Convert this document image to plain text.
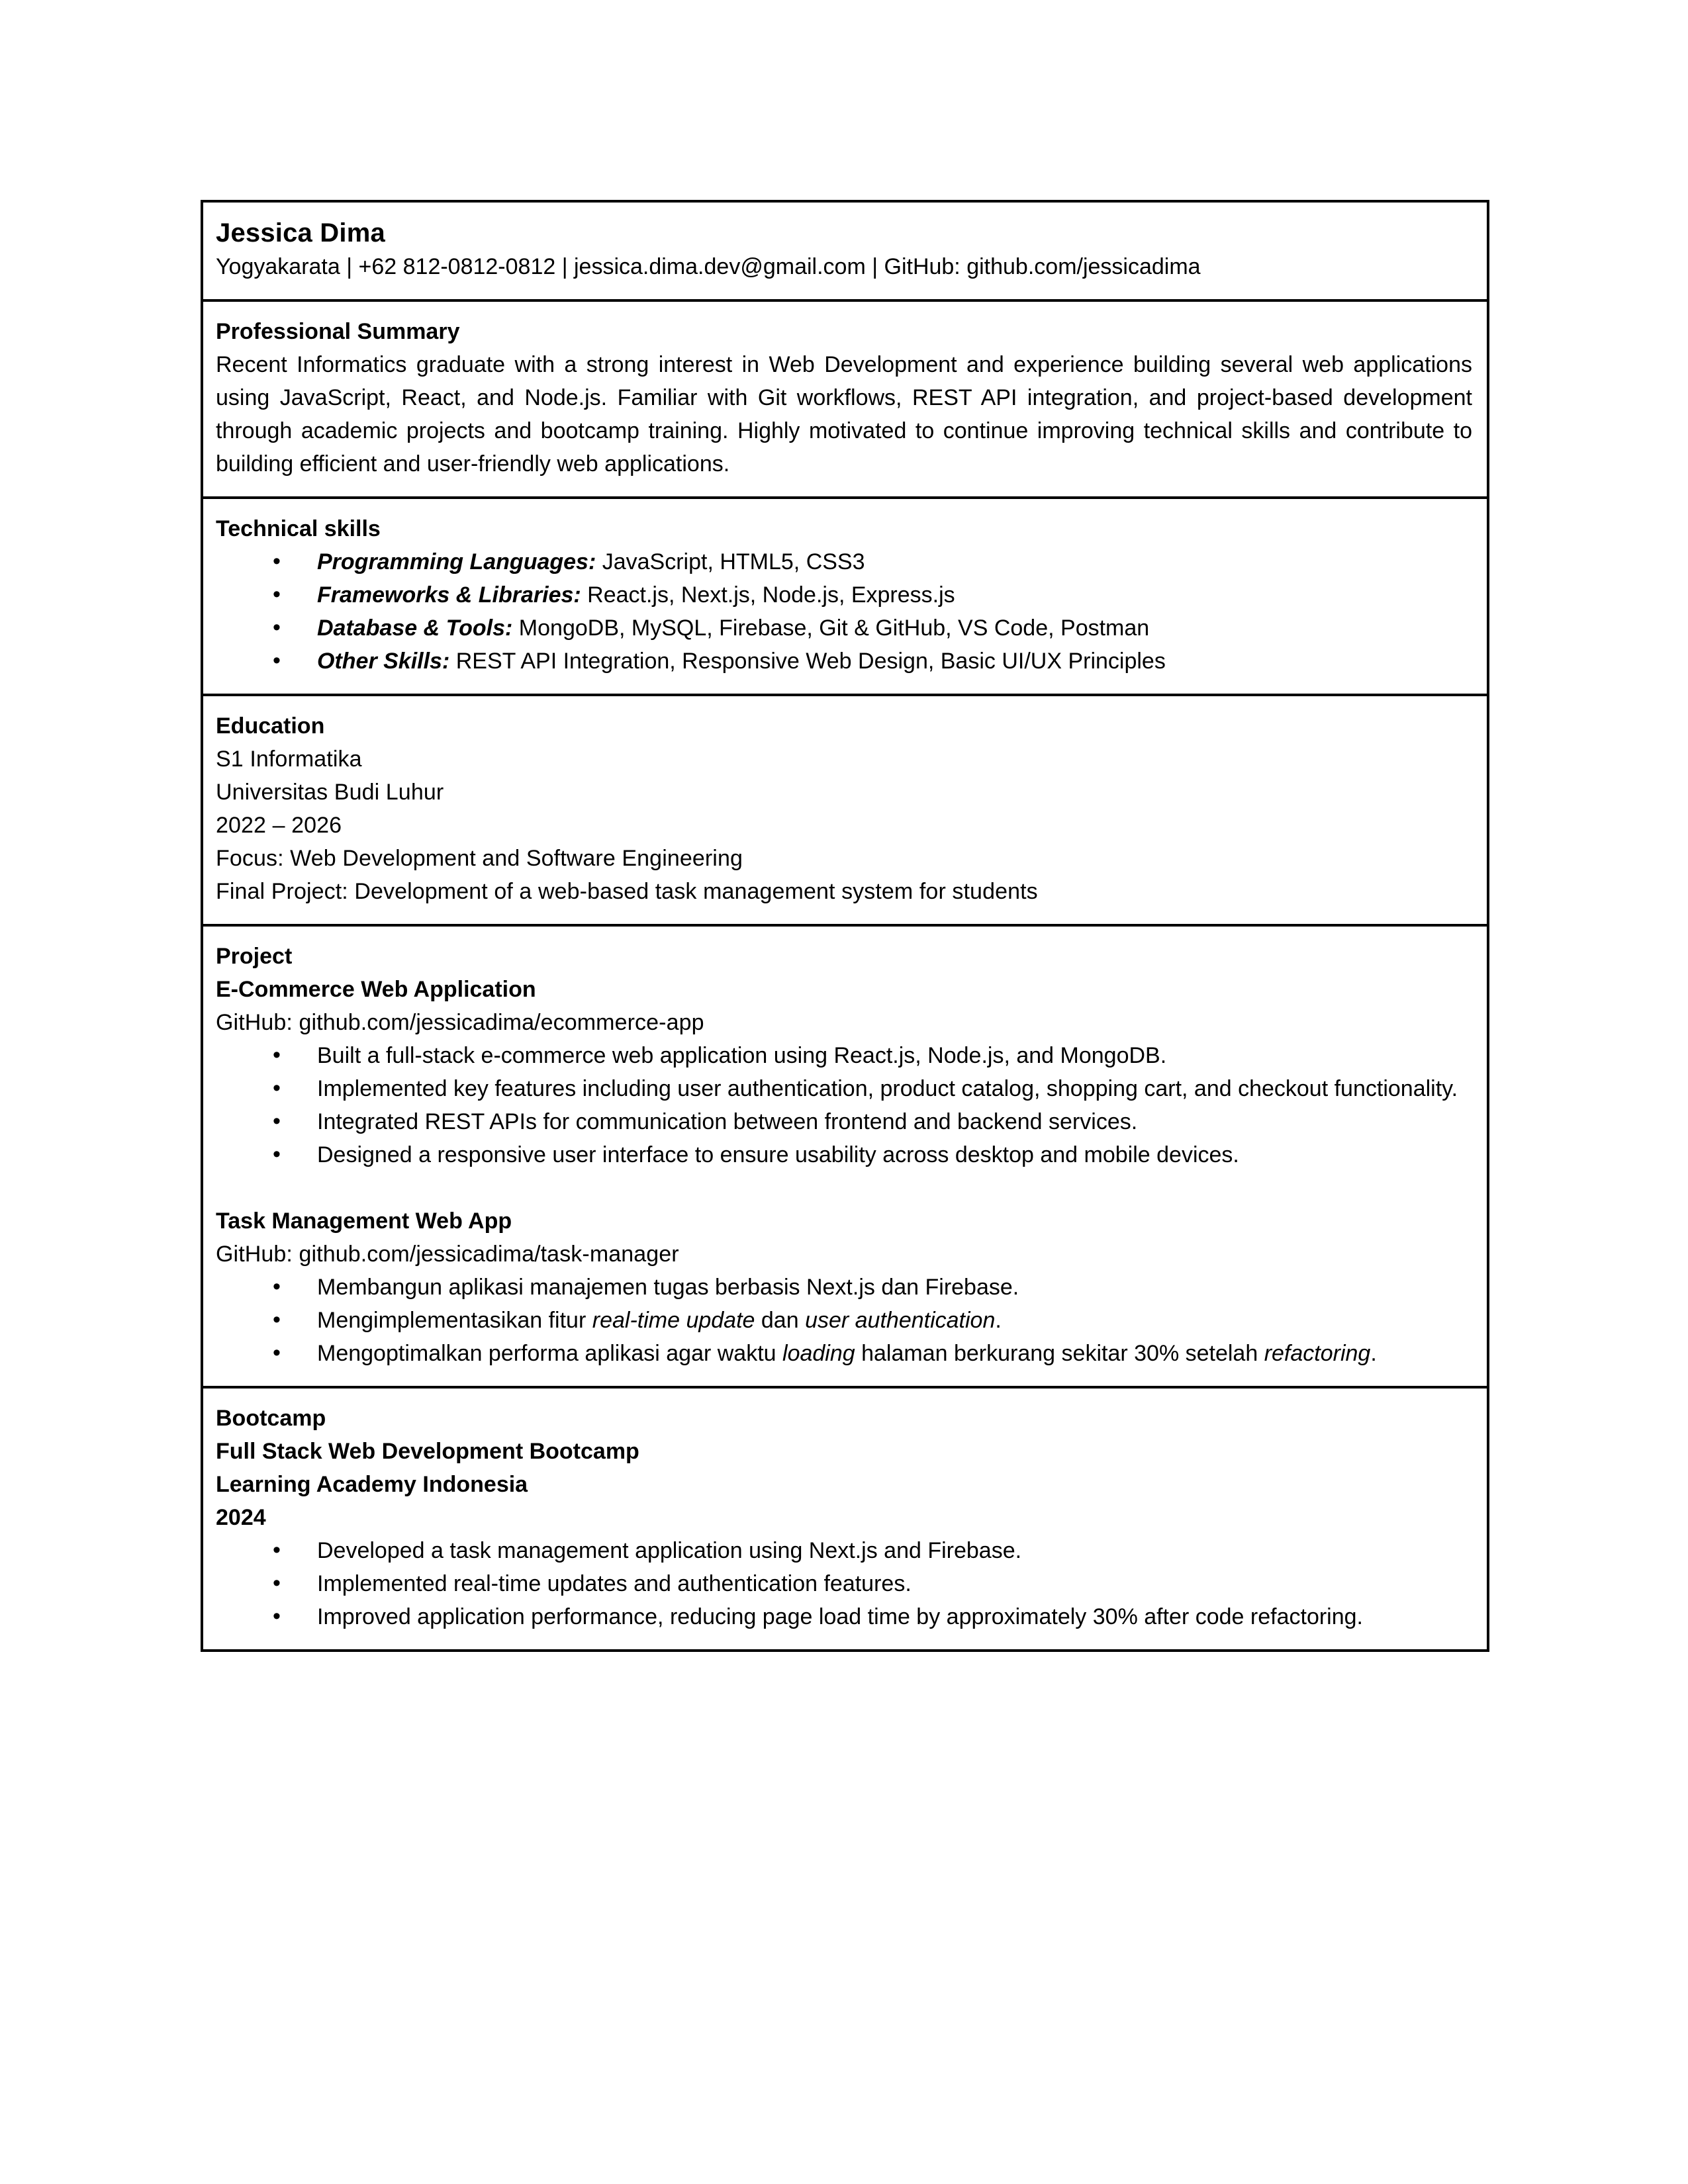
Jessica Dima
Yogyakarata | +62 812-0812-0812 | jessica.dima.dev@gmail.com | GitHub: github.com/jessicadima
Professional Summary
Recent Informatics graduate with a strong interest in Web Development and experience building several web applications using JavaScript, React, and Node.js. Familiar with Git workflows, REST API integration, and project-based development through academic projects and bootcamp training. Highly motivated to continue improving technical skills and contribute to building efficient and user-friendly web applications.
Technical skills
• Programming Languages: JavaScript, HTML5, CSS3
• Frameworks & Libraries: React.js, Next.js, Node.js, Express.js
• Database & Tools: MongoDB, MySQL, Firebase, Git & GitHub, VS Code, Postman
• Other Skills: REST API Integration, Responsive Web Design, Basic UI/UX Principles
Education
S1 Informatika
Universitas Budi Luhur
2022 – 2026
Focus: Web Development and Software Engineering
Final Project: Development of a web-based task management system for students
Project
E-Commerce Web Application
GitHub: github.com/jessicadima/ecommerce-app
• Built a full-stack e-commerce web application using React.js, Node.js, and MongoDB.
• Implemented key features including user authentication, product catalog, shopping cart, and checkout functionality.
• Integrated REST APIs for communication between frontend and backend services.
• Designed a responsive user interface to ensure usability across desktop and mobile devices.
Task Management Web App
GitHub: github.com/jessicadima/task-manager
• Membangun aplikasi manajemen tugas berbasis Next.js dan Firebase.
• Mengimplementasikan fitur real-time update dan user authentication.
• Mengoptimalkan performa aplikasi agar waktu loading halaman berkurang sekitar 30% setelah refactoring.
Bootcamp
Full Stack Web Development Bootcamp
Learning Academy Indonesia
2024
• Developed a task management application using Next.js and Firebase.
• Implemented real-time updates and authentication features.
• Improved application performance, reducing page load time by approximately 30% after code refactoring.
